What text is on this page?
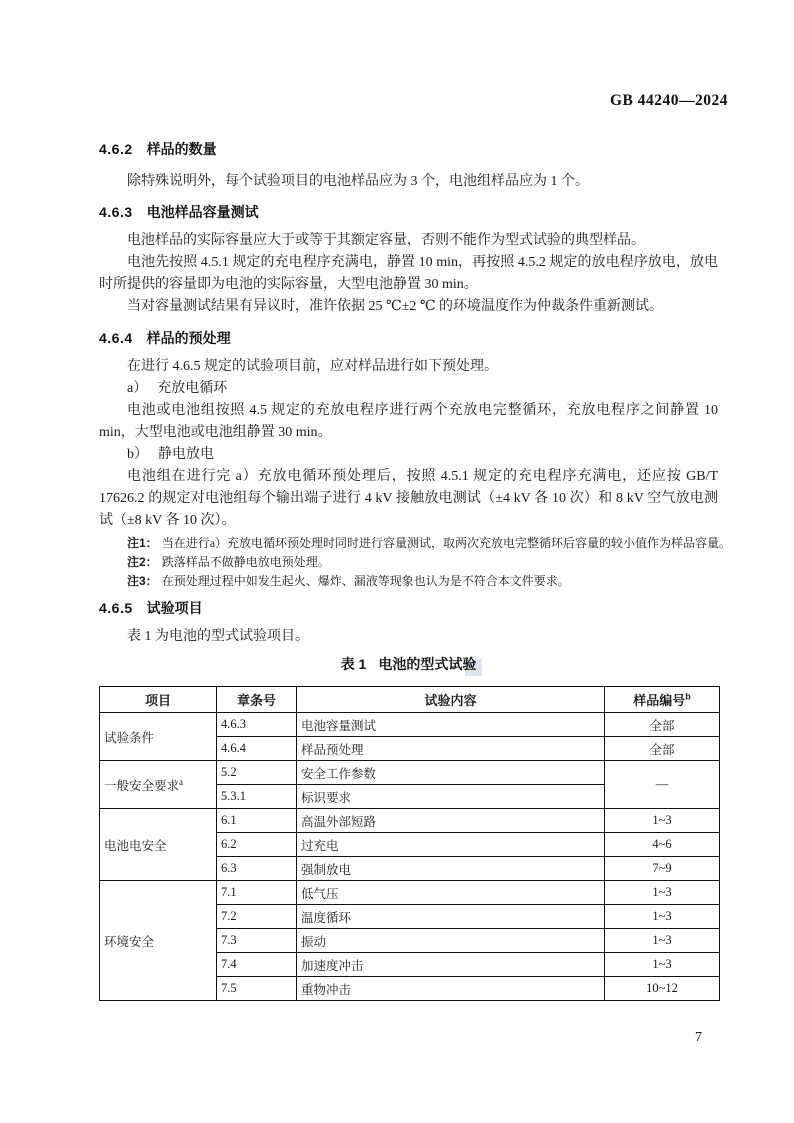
GB 44240—2024
4.6.2 样品的数量

除特殊说明外，每个试验项目的电池样品应为 3 个，电池组样品应为 1 个。

4.6.3 电池样品容量测试

电池样品的实际容量应大于或等于其额定容量，否则不能作为型式试验的典型样品。

电池先按照 4.5.1 规定的充电程序充满电，静置 10 min，再按照 4.5.2 规定的放电程序放电，放电时所提供的容量即为电池的实际容量，大型电池静置 30 min。

当对容量测试结果有异议时，准许依据 25 ℃±2 ℃ 的环境温度作为仲裁条件重新测试。

4.6.4 样品的预处理

在进行 4.6.5 规定的试验项目前，应对样品进行如下预处理。

a） 充放电循环

电池或电池组按照 4.5 规定的充放电程序进行两个充放电完整循环，充放电程序之间静置 10 min，大型电池或电池组静置 30 min。

b） 静电放电

电池组在进行完 a）充放电循环预处理后，按照 4.5.1 规定的充电程序充满电，还应按 GB/T 17626.2 的规定对电池组每个输出端子进行 4 kV 接触放电测试（±4 kV 各 10 次）和 8 kV 空气放电测试（±8 kV 各 10 次）。

注1： 当在进行a）充放电循环预处理时同时进行容量测试，取两次充放电完整循环后容量的较小值作为样品容量。
注2： 跌落样品不做静电放电预处理。
注3： 在预处理过程中如发生起火、爆炸、漏液等现象也认为是不符合本文件要求。
4.6.5 试验项目

表 1 为电池的型式试验项目。

表 1 电池的型式试验
项目	章条号	试验内容	样品编号$^b$
试验条件	4.6.3	电池容量测试	全部
	4.6.4	样品预处理	全部
一般安全要求$^a$	5.2	安全工作参数	—
	5.3.1	标识要求	
电池电安全	6.1	高温外部短路	1~3
	6.2	过充电	4~6
	6.3	强制放电	7~9
环境安全	7.1	低气压	1~3
	7.2	温度循环	1~3
	7.3	振动	1~3
	7.4	加速度冲击	1~3
	7.5	重物冲击	10~12
7
